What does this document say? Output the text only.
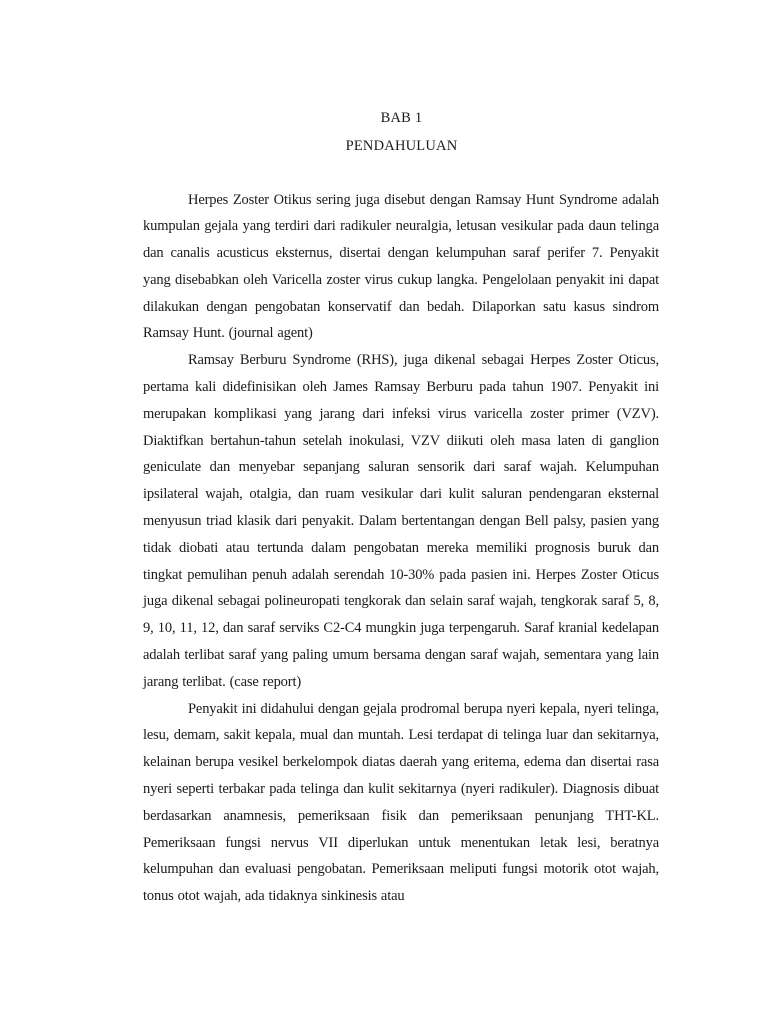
BAB 1
PENDAHULUAN

Herpes Zoster Otikus sering juga disebut dengan Ramsay Hunt Syndrome adalah kumpulan gejala yang terdiri dari radikuler neuralgia, letusan vesikular pada daun telinga dan canalis acusticus eksternus, disertai dengan kelumpuhan saraf perifer 7. Penyakit yang disebabkan oleh Varicella zoster virus cukup langka. Pengelolaan penyakit ini dapat dilakukan dengan pengobatan konservatif dan bedah. Dilaporkan satu kasus sindrom Ramsay Hunt. (journal agent)

Ramsay Berburu Syndrome (RHS), juga dikenal sebagai Herpes Zoster Oticus, pertama kali didefinisikan oleh James Ramsay Berburu pada tahun 1907. Penyakit ini merupakan komplikasi yang jarang dari infeksi virus varicella zoster primer (VZV). Diaktifkan bertahun-tahun setelah inokulasi, VZV diikuti oleh masa laten di ganglion geniculate dan menyebar sepanjang saluran sensorik dari saraf wajah. Kelumpuhan ipsilateral wajah, otalgia, dan ruam vesikular dari kulit saluran pendengaran eksternal menyusun triad klasik dari penyakit. Dalam bertentangan dengan Bell palsy, pasien yang tidak diobati atau tertunda dalam pengobatan mereka memiliki prognosis buruk dan tingkat pemulihan penuh adalah serendah 10-30% pada pasien ini. Herpes Zoster Oticus juga dikenal sebagai polineuropati tengkorak dan selain saraf wajah, tengkorak saraf 5, 8, 9, 10, 11, 12, dan saraf serviks C2-C4 mungkin juga terpengaruh. Saraf kranial kedelapan adalah terlibat saraf yang paling umum bersama dengan saraf wajah, sementara yang lain jarang terlibat. (case report)

Penyakit ini didahului dengan gejala prodromal berupa nyeri kepala, nyeri telinga, lesu, demam, sakit kepala, mual dan muntah. Lesi terdapat di telinga luar dan sekitarnya, kelainan berupa vesikel berkelompok diatas daerah yang eritema, edema dan disertai rasa nyeri seperti terbakar pada telinga dan kulit sekitarnya (nyeri radikuler). Diagnosis dibuat berdasarkan anamnesis, pemeriksaan fisik dan pemeriksaan penunjang THT-KL. Pemeriksaan fungsi nervus VII diperlukan untuk menentukan letak lesi, beratnya kelumpuhan dan evaluasi pengobatan. Pemeriksaan meliputi fungsi motorik otot wajah, tonus otot wajah, ada tidaknya sinkinesis atau
